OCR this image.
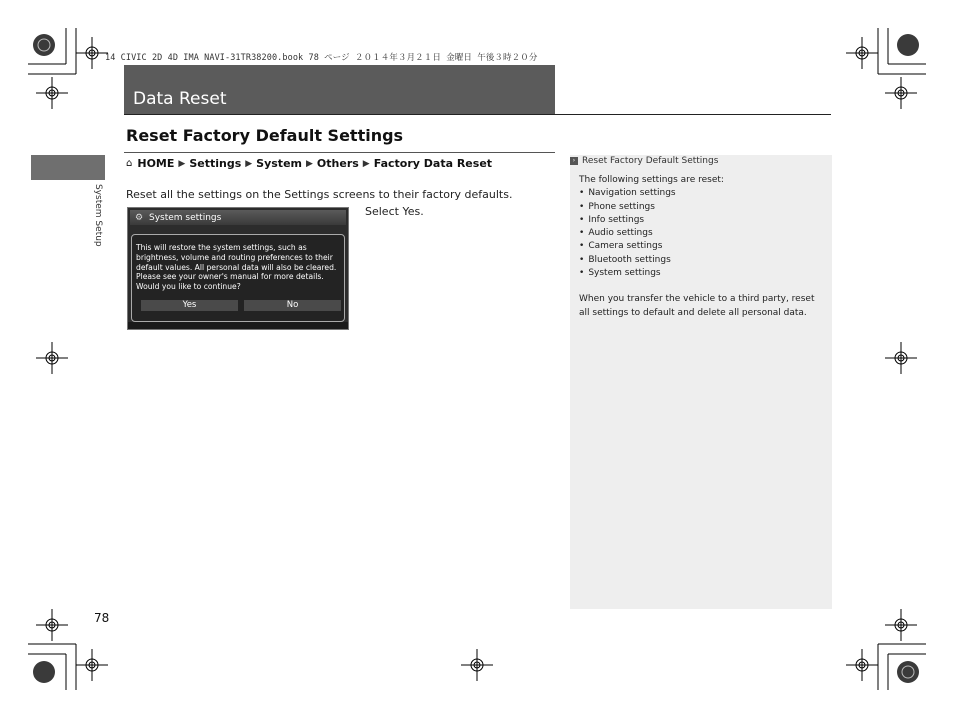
14 CIVIC 2D 4D IMA NAVI-31TR38200.book 78 ページ ２０１４年３月２１日 金曜日 午後３時２０分
Data Reset
System Setup
Reset Factory Default Settings
⌂ HOME ▶ Settings ▶ System ▶ Others ▶ Factory Data Reset
Reset all the settings on the Settings screens to their factory defaults.
Select Yes.
⚙ System settings
This will restore the system settings, such as brightness, volume and routing preferences to their default values. All personal data will also be cleared. Please see your owner's manual for more details. Would you like to continue?
Yes	No
› Reset Factory Default Settings

The following settings are reset:

• Navigation settings
• Phone settings
• Info settings
• Audio settings
• Camera settings
• Bluetooth settings
• System settings

When you transfer the vehicle to a third party, reset all settings to default and delete all personal data.

78
